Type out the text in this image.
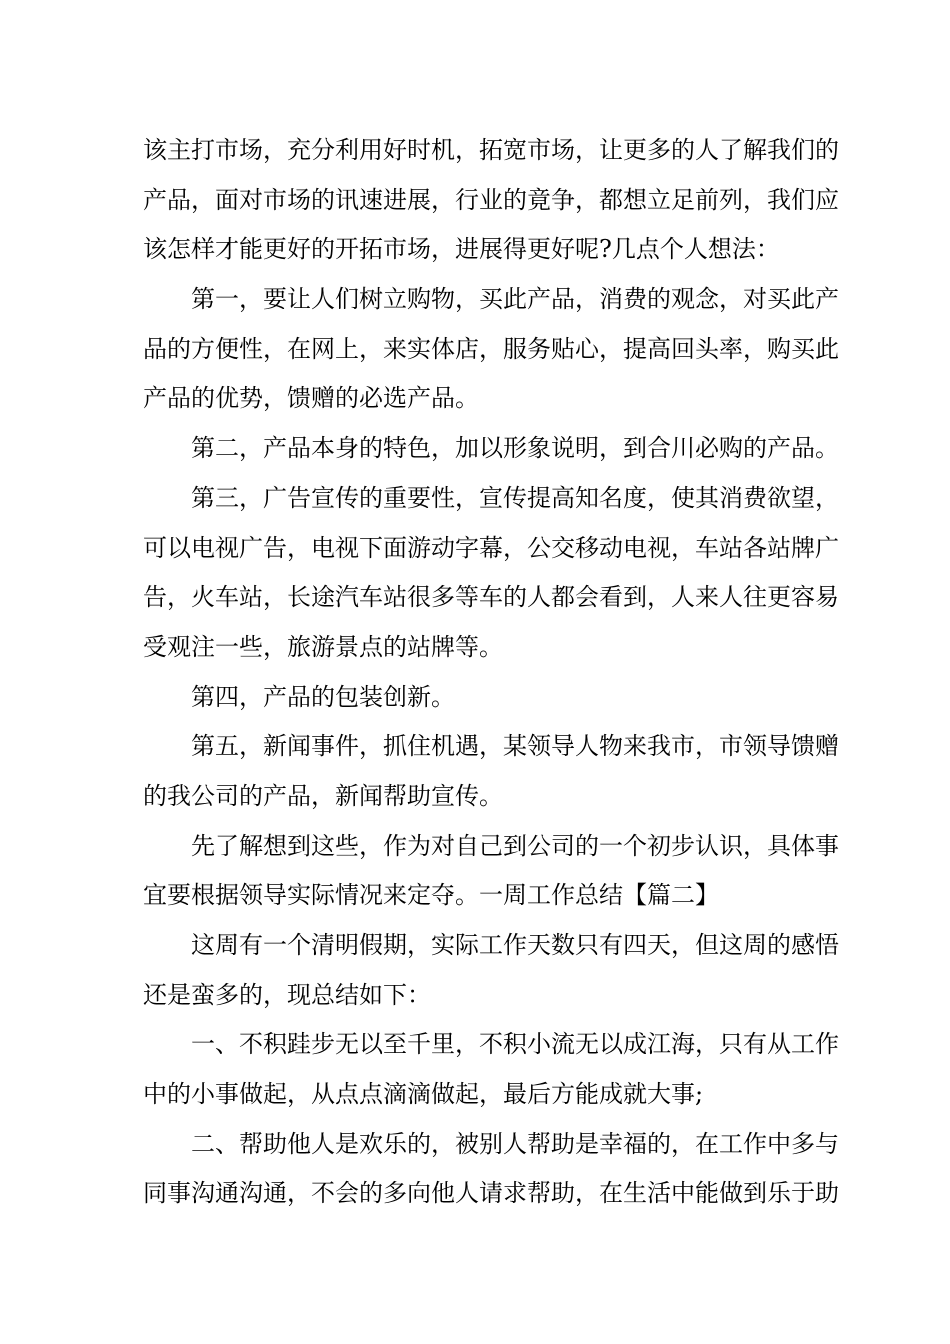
该主打市场，充分利用好时机，拓宽市场，让更多的人了解我们的
产品，面对市场的讯速进展，行业的竟争，都想立足前列，我们应
该怎样才能更好的开拓市场，进展得更好呢?几点个人想法：
第一，要让人们树立购物，买此产品，消费的观念，对买此产
品的方便性，在网上，来实体店，服务贴心，提高回头率，购买此
产品的优势，馈赠的必选产品。
第二，产品本身的特色，加以形象说明，到合川必购的产品。
第三，广告宣传的重要性，宣传提高知名度，使其消费欲望，
可以电视广告，电视下面游动字幕，公交移动电视，车站各站牌广
告，火车站，长途汽车站很多等车的人都会看到，人来人往更容易
受观注一些，旅游景点的站牌等。
第四，产品的包装创新。
第五，新闻事件，抓住机遇，某领导人物来我市，市领导馈赠
的我公司的产品，新闻帮助宣传。
先了解想到这些，作为对自己到公司的一个初步认识，具体事
宜要根据领导实际情况来定夺。一周工作总结【篇二】
这周有一个清明假期，实际工作天数只有四天，但这周的感悟
还是蛮多的，现总结如下：
一、不积跬步无以至千里，不积小流无以成江海，只有从工作
中的小事做起，从点点滴滴做起，最后方能成就大事;
二、帮助他人是欢乐的，被别人帮助是幸福的，在工作中多与
同事沟通沟通，不会的多向他人请求帮助，在生活中能做到乐于助
